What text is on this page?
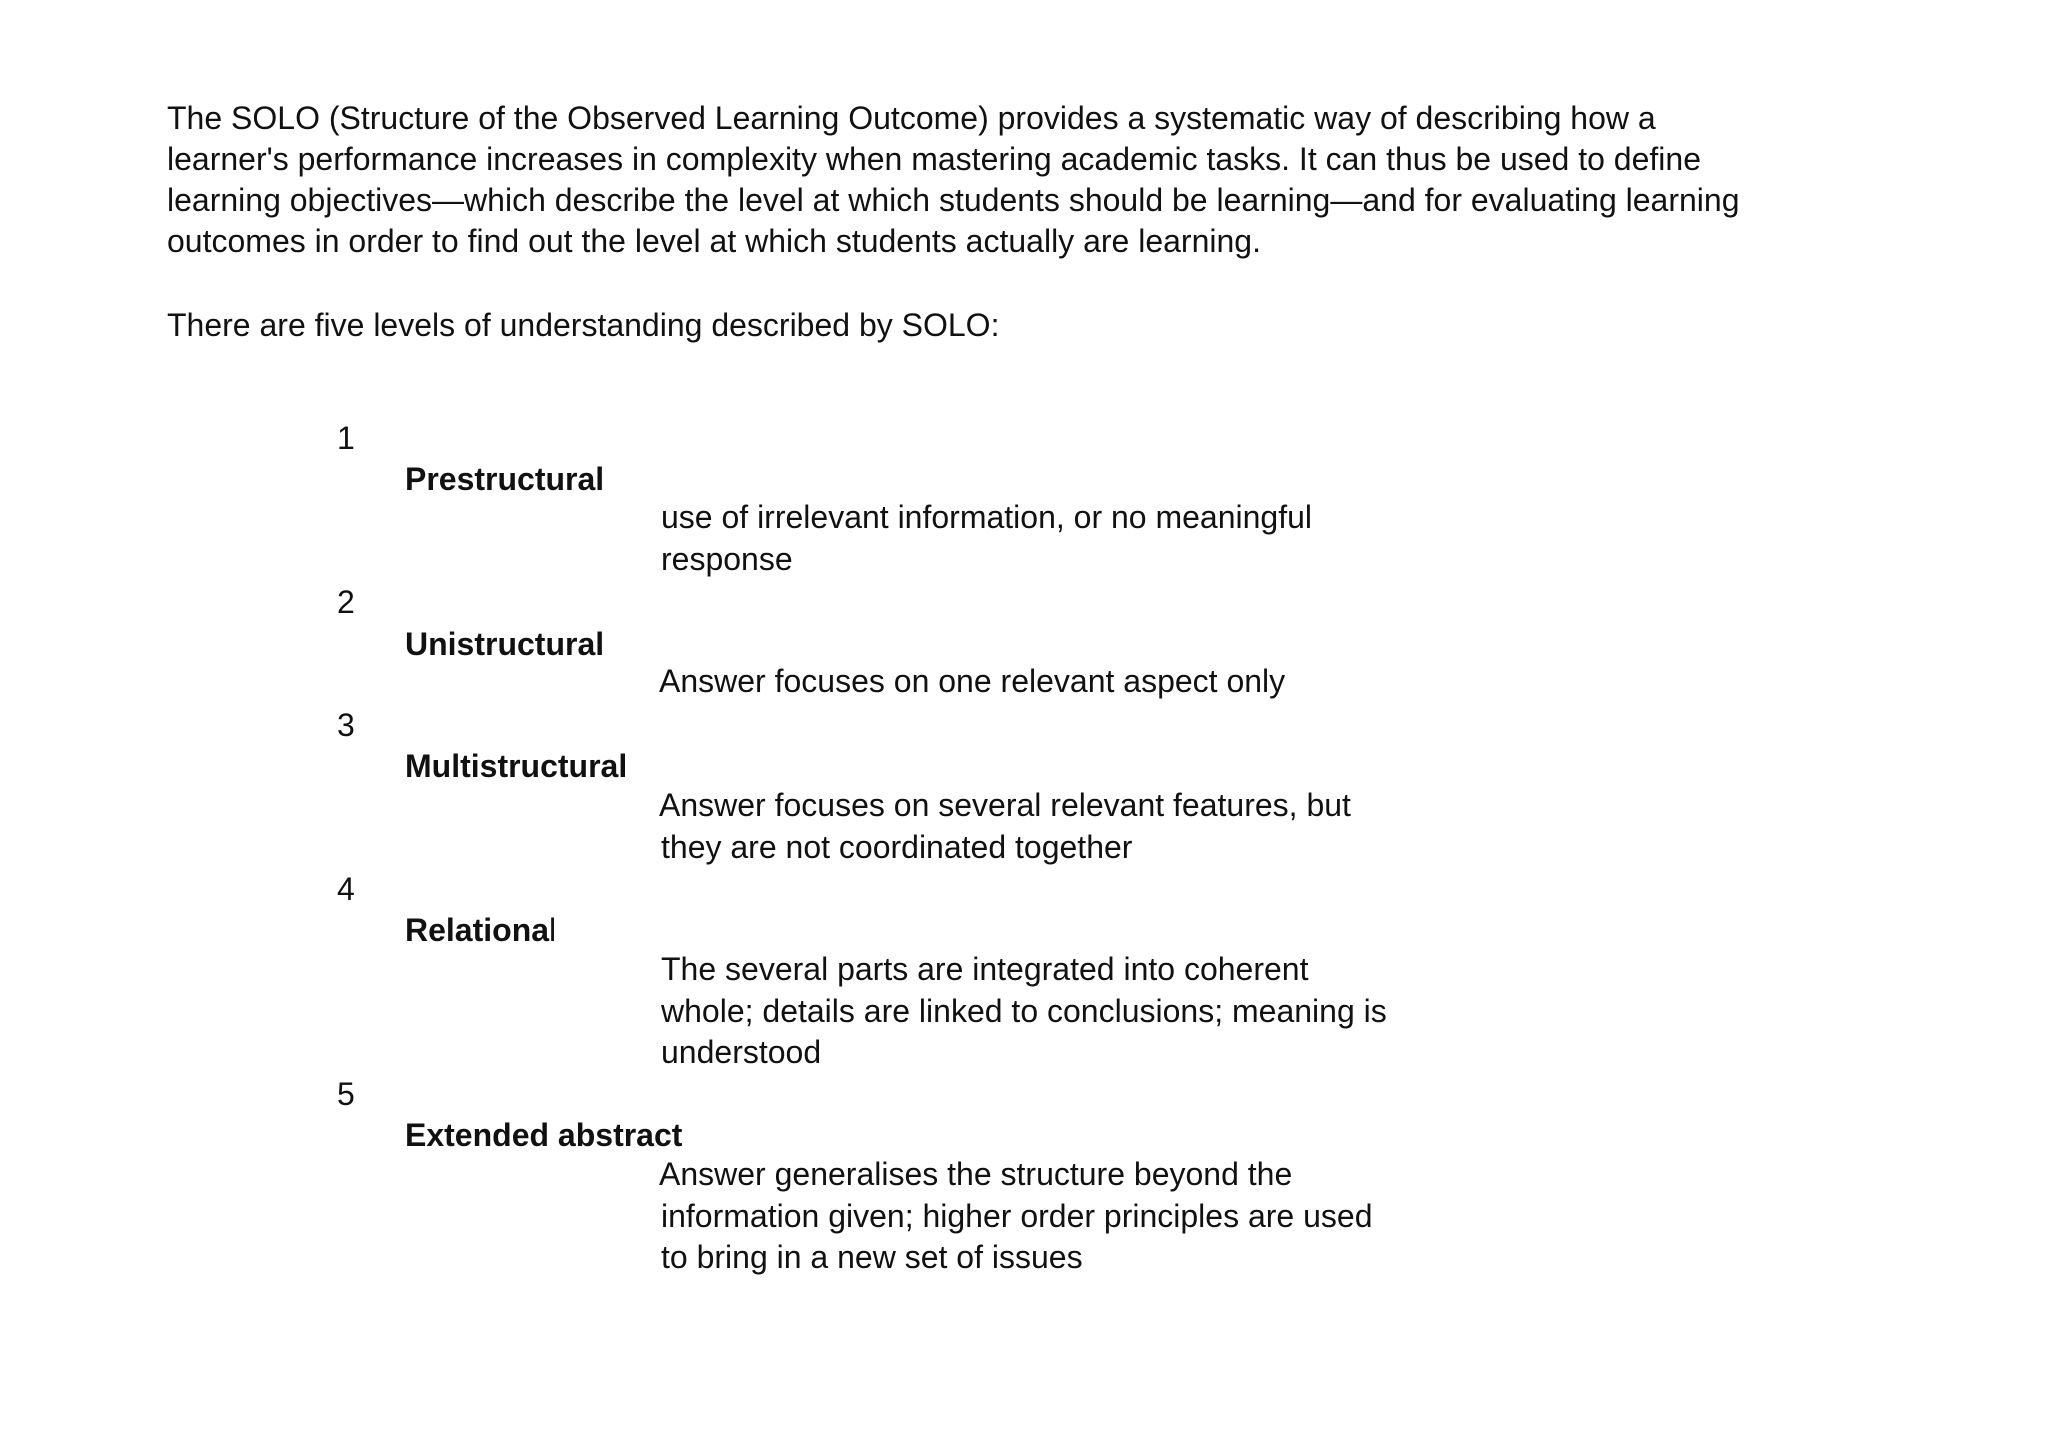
The SOLO (Structure of the Observed Learning Outcome) provides a systematic way of describing how a
learner's performance increases in complexity when mastering academic tasks. It can thus be used to define
learning objectives—which describe the level at which students should be learning—and for evaluating learning
outcomes in order to find out the level at which students actually are learning.

There are five levels of understanding described by SOLO:
1
Prestructural
use of irrelevant information, or no meaningful
response
2
Unistructural
Answer focuses on one relevant aspect only
3
Multistructural
Answer focuses on several relevant features, but
they are not coordinated together
4
Relational
The several parts are integrated into coherent
whole; details are linked to conclusions; meaning is
understood
5
Extended abstract
Answer generalises the structure beyond the
information given; higher order principles are used
to bring in a new set of issues
